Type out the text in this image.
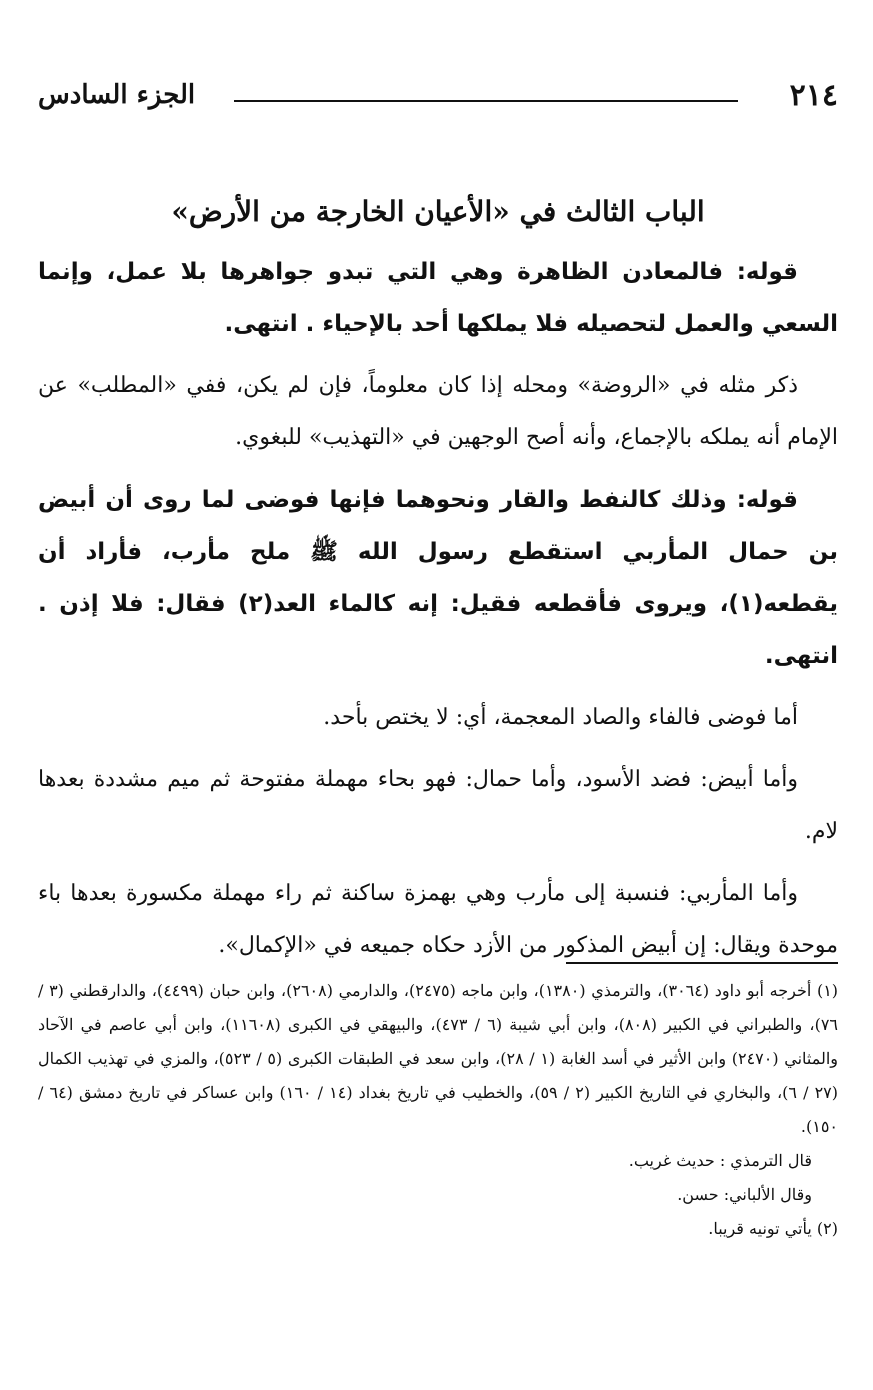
٢١٤
الجزء السادس
الباب الثالث في «الأعيان الخارجة من الأرض»

قوله: فالمعادن الظاهرة وهي التي تبدو جواهرها بلا عمل، وإنما السعي والعمل لتحصيله فلا يملكها أحد بالإحياء . انتهى.

ذكر مثله في «الروضة» ومحله إذا كان معلوماً، فإن لم يكن، ففي «المطلب» عن الإمام أنه يملكه بالإجماع، وأنه أصح الوجهين في «التهذيب» للبغوي.

قوله: وذلك كالنفط والقار ونحوهما فإنها فوضى لما روى أن أبيض بن حمال المأربي استقطع رسول الله ﷺ ملح مأرب، فأراد أن يقطعه(١)، ويروى فأقطعه فقيل: إنه كالماء العد(٢) فقال: فلا إذن . انتهى.

أما فوضى فالفاء والصاد المعجمة، أي: لا يختص بأحد.

وأما أبيض: فضد الأسود، وأما حمال: فهو بحاء مهملة مفتوحة ثم ميم مشددة بعدها لام.

وأما المأربي: فنسبة إلى مأرب وهي بهمزة ساكنة ثم راء مهملة مكسورة بعدها باء موحدة ويقال: إن أبيض المذكور من الأزد حكاه جميعه في «الإكمال».

(١) أخرجه أبو داود (٣٠٦٤)، والترمذي (١٣٨٠)، وابن ماجه (٢٤٧٥)، والدارمي (٢٦٠٨)، وابن حبان (٤٤٩٩)، والدارقطني (٣ / ٧٦)، والطبراني في الكبير (٨٠٨)، وابن أبي شيبة (٦ / ٤٧٣)، والبيهقي في الكبرى (١١٦٠٨)، وابن أبي عاصم في الآحاد والمثاني (٢٤٧٠) وابن الأثير في أسد الغابة (١ / ٢٨)، وابن سعد في الطبقات الكبرى (٥ / ٥٢٣)، والمزي في تهذيب الكمال (٢٧ / ٦)، والبخاري في التاريخ الكبير (٢ / ٥٩)، والخطيب في تاريخ بغداد (١٤ / ١٦٠) وابن عساكر في تاريخ دمشق (٦٤ / ١٥٠).

قال الترمذي : حديث غريب.

وقال الألباني: حسن.

(٢) يأتي تونيه قريبا.
